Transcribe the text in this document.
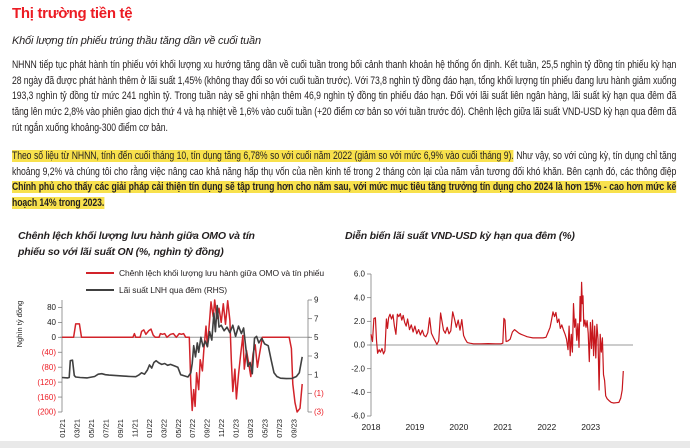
Thị trường tiền tệ
Khối lượng tín phiếu trúng thầu tăng dần về cuối tuần

NHNN tiếp tục phát hành tín phiếu với khối lượng xu hướng tăng dần về cuối tuần trong bối cảnh thanh khoản hệ thống ổn định. Kết tuần, 25,5 nghìn tỷ đồng tín phiếu kỳ hạn 28 ngày đã được phát hành thêm ở lãi suất 1,45% (không thay đổi so với cuối tuần trước). Với 73,8 nghìn tỷ đồng đáo hạn, tổng khối lượng tín phiếu đang lưu hành giảm xuống 193,3 nghìn tỷ đồng từ mức 241 nghìn tỷ. Trong tuần này sẽ ghi nhận thêm 46,9 nghìn tỷ đồng tin phiếu đáo hạn. Đối với lãi suất liên ngân hàng, lãi suất kỳ hạn qua đêm đã tăng lên mức 2,8% vào phiên giao dịch thứ 4 và hạ nhiệt về 1,6% vào cuối tuần (+20 điểm cơ bản so với tuần trước đó). Chênh lệch giữa lãi suất VND-USD kỳ hạn qua đêm đã rút ngắn xuống khoảng-300 điểm cơ bản.

Theo số liệu từ NHNN, tính đến cuối tháng 10, tín dụng tăng 6,78% so với cuối năm 2022 (giảm so với mức 6,9% vào cuối tháng 9). Như vậy, so với cùng kỳ, tín dụng chỉ tăng khoảng 9,2% và chúng tôi cho rằng việc nâng cao khả năng hấp thụ vốn của nền kinh tế trong 2 tháng còn lại của năm vẫn tương đối khó khăn. Bên cạnh đó, các thông điệp Chính phủ cho thấy các giải pháp cải thiện tín dụng sẽ tập trung hơn cho năm sau, với mức mục tiêu tăng trưởng tín dụng cho 2024 là hơn 15% - cao hơn mức kế hoạch 14% trong 2023.

Chênh lệch khối lượng lưu hành giữa OMO và tín phiếu so với lãi suất ON (%, nghìn tỷ đồng)
Chênh lệch khối lượng lưu hành giữa OMO và tín phiếu
Lãi suất LNH qua đêm (RHS)
80
40
0
(40)
(80)
(120)
(160)
(200)
9
7
5
3
1
(1)
(3)
01/21 03/21 05/21 07/21 09/21 11/21 01/22 03/22 05/22 07/22 09/22 11/22 01/23 03/23 05/23 07/23 09/23
Nghìn tỷ đồng
Diễn biến lãi suất VND-USD kỳ hạn qua đêm (%)
6.0
4.0
2.0
0.0
-2.0
-4.0
-6.0
2018	2019	2020	2021	2022	2023
